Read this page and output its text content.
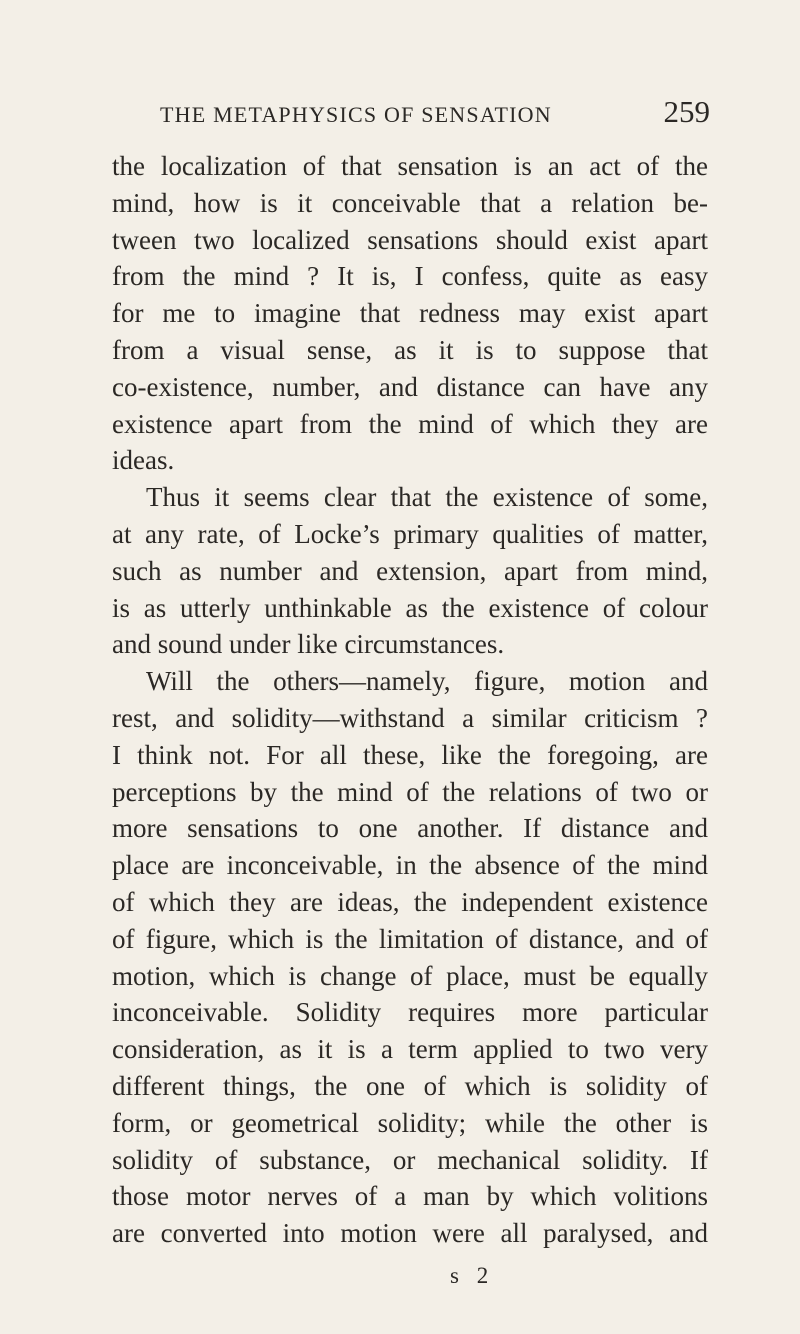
THE METAPHYSICS OF SENSATION	259
the localization of that sensation is an act of the
mind, how is it conceivable that a relation be-
tween two localized sensations should exist apart
from the mind ? It is, I confess, quite as easy
for me to imagine that redness may exist apart
from a visual sense, as it is to suppose that
co-existence, number, and distance can have any
existence apart from the mind of which they are
ideas.
Thus it seems clear that the existence of some,
at any rate, of Locke’s primary qualities of matter,
such as number and extension, apart from mind,
is as utterly unthinkable as the existence of colour
and sound under like circumstances.
Will the others—namely, figure, motion and
rest, and solidity—withstand a similar criticism ?
I think not. For all these, like the foregoing, are
perceptions by the mind of the relations of two or
more sensations to one another. If distance and
place are inconceivable, in the absence of the mind
of which they are ideas, the independent existence
of figure, which is the limitation of distance, and of
motion, which is change of place, must be equally
inconceivable. Solidity requires more particular
consideration, as it is a term applied to two very
different things, the one of which is solidity of
form, or geometrical solidity; while the other is
solidity of substance, or mechanical solidity. If
those motor nerves of a man by which volitions
are converted into motion were all paralysed, and
s 2
